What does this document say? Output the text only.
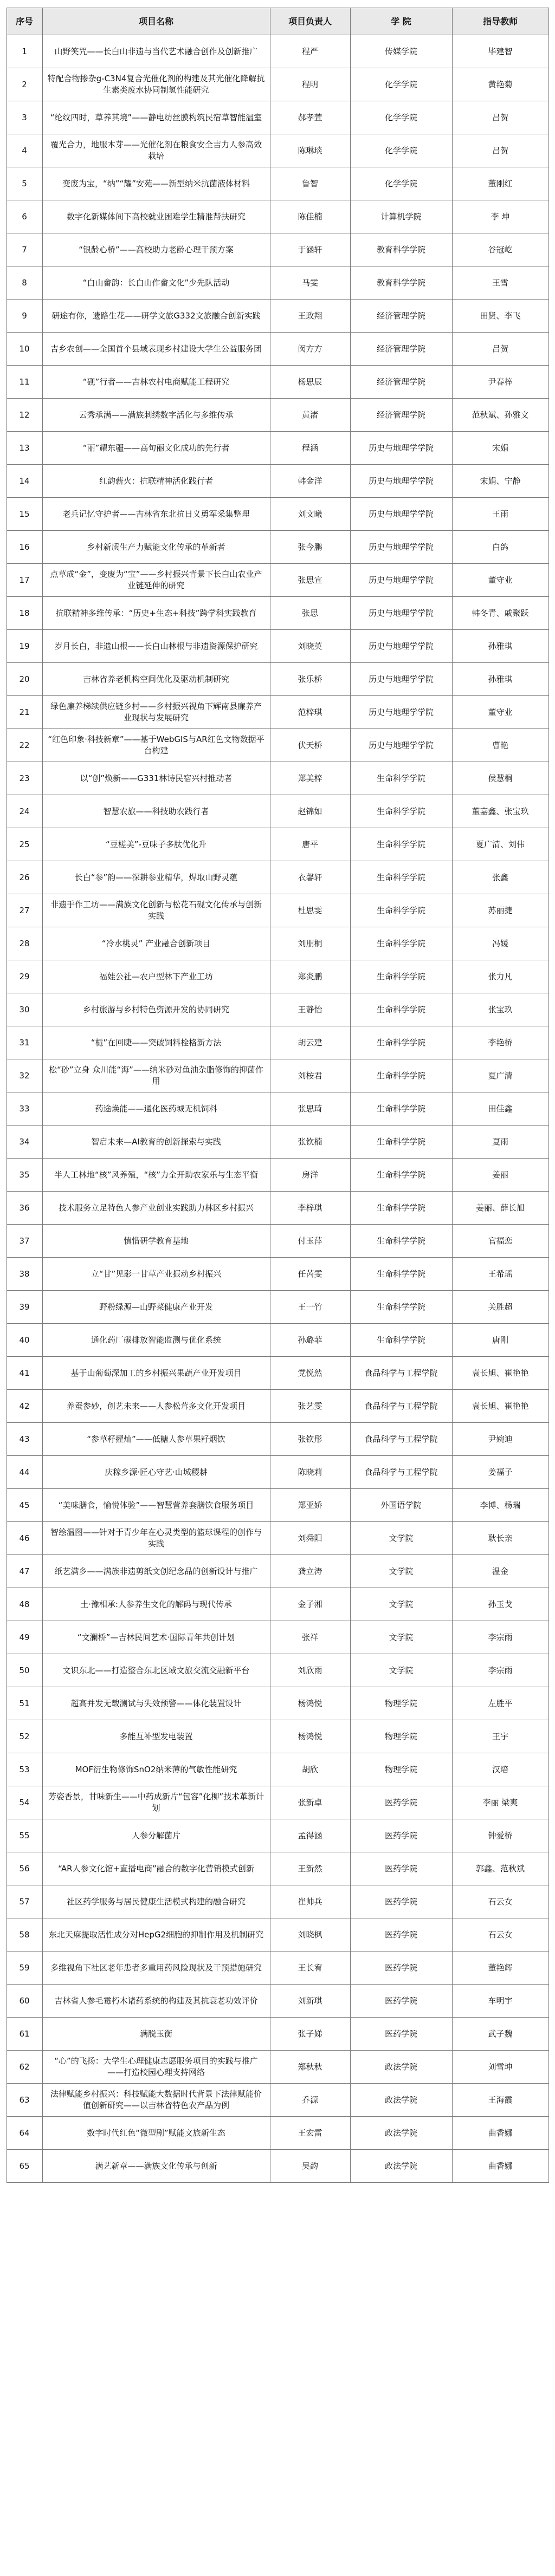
序号	项目名称	项目负责人	学 院	指导教师
1	山野笑咒——长白山非遗与当代艺术融合创作及创新推广	程严	传媒学院	毕建智
2	特配合物掺杂g-C3N4复合光催化剂的构建及其光催化降解抗生素类废水协同制氢性能研究	程明	化学学院	黄艳菊
3	“纶纹四时，草养其境”——静电纺丝膜构筑民宿草智能温室	郝孝萱	化学学院	吕贺
4	覆光合力，地服本芽——光催化剂在粮食安全吉力人参高效栽培	陈琳琰	化学学院	吕贺
5	变废为宝，“纳”“耀”安苑——新型纳米抗菌液体材料	鲁智	化学学院	董刚红
6	数字化新媒体间下高校就业困难学生精准帮扶研究	陈佳楠	计算机学院	李 坤
7	“银龄心桥”——高校助力老龄心理干预方案	于涵轩	教育科学学院	谷冠屹
8	“白山畲韵：长白山作畲文化”少先队活动	马雯	教育科学学院	王雪
9	研途有你，遗路生花——研学文旅G332文旅融合创新实践	王政翔	经济管理学院	田贤、李飞
10	吉乡农创——全国首个县域表现乡村建设大学生公益服务团	闵方方	经济管理学院	吕贺
11	“砚”行者——吉林农村电商赋能工程研究	杨思辰	经济管理学院	尹春梓
12	云秀承满——满族刺绣数字活化与多维传承	黄渚	经济管理学院	范秋斌、孙雅文
13	“丽”耀东疆——高句丽文化成功的先行者	程涵	历史与地理学学院	宋娟
14	红韵薪火：抗联精神活化践行者	韩金洋	历史与地理学学院	宋娟、宁静
15	老兵记忆守护者——吉林省东北抗日义勇军采集整理	刘文曦	历史与地理学学院	王雨
16	乡村新质生产力赋能文化传承的革新者	张今鹏	历史与地理学学院	白鸽
17	点草成“金”，变废为“宝”——乡村振兴背景下长白山农业产业链延伸的研究	张思宣	历史与地理学学院	董守业
18	抗联精神多维传承：“历史+生态+科技”跨学科实践教育	张思	历史与地理学学院	韩冬青、戚聚跃
19	岁月长白，非遗山根——长白山林根与非遗资源保护研究	刘晓英	历史与地理学学院	孙雅琪
20	吉林省养老机构空间优化及驱动机制研究	张乐桥	历史与地理学学院	孙雅琪
21	绿色廉养梯续供应链乡村——乡村振兴视角下辉南县廉养产业现状与发展研究	范梓琪	历史与地理学学院	董守业
22	“红色印象·科技新章”——基于WebGIS与AR红色文物数据平台构建	伏天桥	历史与地理学学院	曹艳
23	以“创”焕新——G331林诗民宿兴村推动者	郑美梓	生命科学学院	侯慧桐
24	智慧农旅——科技助农践行者	赵锦如	生命科学学院	董嘉鑫、张宝玖
25	“豆槎美”-豆味子多肽优化升	唐平	生命科学学院	夏广清、刘伟
26	长白“参”韵——深耕参业精华，焊取山野灵蕴	衣馨轩	生命科学学院	张鑫
27	非遗手作工坊——满族文化创新与松花石砚文化传承与创新实践	杜思雯	生命科学学院	苏丽捷
28	“冷水桃灵” 产业融合创新项目	刘朋桐	生命科学学院	冯媛
29	福娃公社—农户型林下产业工坊	郑炎鹏	生命科学学院	张力凡
30	乡村旅游与乡村特色资源开发的协同研究	王静怡	生命科学学院	张宝玖
31	“栀”在回睫——突破饲料栓格新方法	胡云建	生命科学学院	李艳桥
32	松“砂”立身 众川能“海”——纳米砂对鱼油杂脂修饰的抑菌作用	刘桉君	生命科学学院	夏广清
33	药途焕能——通化医药城无机饲料	张思琦	生命科学学院	田佳鑫
34	智启未来—AI教育的创新探索与实践	张钦楠	生命科学学院	夏雨
35	半人工林地“核”风养殖，“核”力全开助农家乐与生态平衡	房洋	生命科学学院	姜丽
36	技术服务立足特色人参产业创业实践助力林区乡村振兴	李梓琪	生命科学学院	姜丽、薛长旭
37	慎惜研学教育基地	付玉萍	生命科学学院	官福恋
38	立“甘”见影一甘草产业振动乡村振兴	任芮雯	生命科学学院	王希瑶
39	野粉绿源—山野菜健康产业开发	王一竹	生命科学学院	关胜超
40	通化药厂碳排放智能监测与优化系统	孙璐菲	生命科学学院	唐刚
41	基于山葡萄深加工的乡村振兴果蔬产业开发项目	党悦然	食品科学与工程学院	袁长旭、崔艳艳
42	养蚕参妙，创艺未来——人参松茸多文化开发项目	张艺雯	食品科学与工程学院	袁长旭、崔艳艳
43	“参草籽擢灿”——低糖人参草果籽烟饮	张钦彤	食品科学与工程学院	尹婉迪
44	庆稼乡源·匠心守艺·山城稷耕	陈晓莉	食品科学与工程学院	姜福子
45	“美味膳食，愉悦体验”——智慧营养套膳饮食服务项目	郑亚娇	外国语学院	李博、杨瑞
46	智绘温图——针对于青少年在心灵类型的篮球课程的创作与实践	刘舜阳	文学院	耿长亲
47	纸艺满乡——满族非遗剪纸文创纪念品的创新设计与推广	龚立涛	文学院	温金
48	土·豫相承:人参养生文化的解码与现代传承	金子湘	文学院	孙玉戈
49	“文澜桥”—吉林民间艺术·国际青年共创计划	张祥	文学院	李宗雨
50	文识东北——打造整合东北区域文旅交流交融新平台	刘欣雨	文学院	李宗雨
51	超高并发无载测试与失效预警——体化装置设计	杨鸿悦	物理学院	左胜平
52	多能互补型发电装置	杨鸿悦	物理学院	王宇
53	MOF衍生物修饰SnO2纳米薄的气敏性能研究	胡欣	物理学院	汉培
54	芳姿香景，甘味新生——中药成新片“包容”化柳”技术革新计划	张新卓	医药学院	李丽 梁爽
55	人参分解菌片	孟得涵	医药学院	钟爱桥
56	“AR人参文化馆+直播电商”融合的数字化营销模式创新	王新然	医药学院	郭鑫、范秋斌
57	社区药学服务与居民健康生活模式构建的融合研究	崔帅兵	医药学院	石云女
58	东北天麻提取活性成分对HepG2细胞的抑制作用及机制研究	刘晓枫	医药学院	石云女
59	多维视角下社区老年患者多重用药风险现状及干预措施研究	王长宥	医药学院	董艳辉
60	吉林省人参毛霉朽木诸药系统的构建及其抗衰老功效评价	刘新琪	医药学院	车明宇
61	满脱玉衡	张子娣	医药学院	武子魏
62	“心”的飞扬：大学生心理健康志愿服务项目的实践与推广——打造校园心理支持网络	郑秋秋	政法学院	刘雪坤
63	法律赋能乡村振兴：科技赋能大数据时代背景下法律赋能价值创新研究——以吉林省特色农产品为例	乔源	政法学院	王海霞
64	数字时代红色“微型剧”赋能文旅新生态	王宏雷	政法学院	曲香娜
65	满艺新章——满族文化传承与创新	吴韵	政法学院	曲香娜
